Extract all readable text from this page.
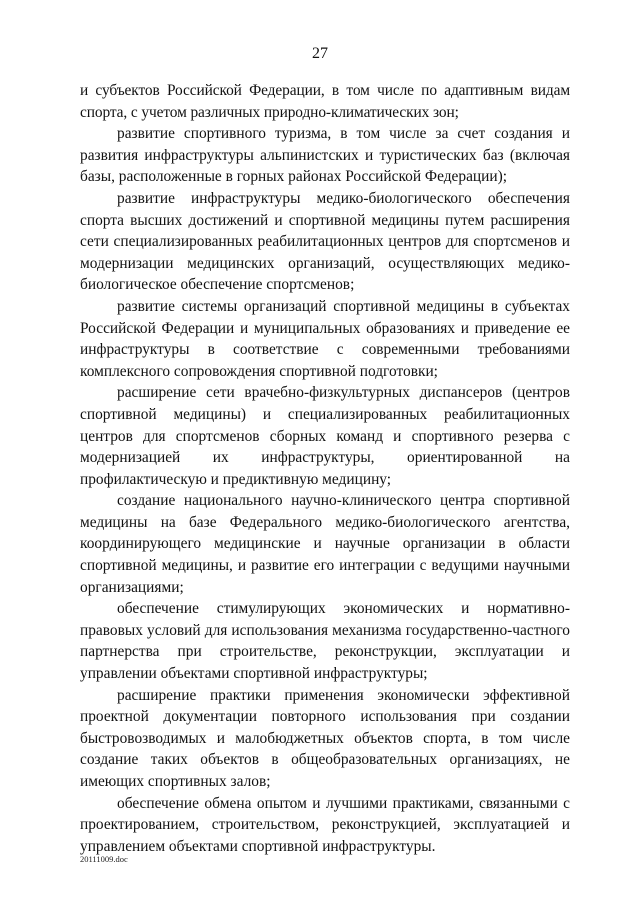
27

и субъектов Российской Федерации, в том числе по адаптивным видам спорта, с учетом различных природно-климатических зон;

развитие спортивного туризма, в том числе за счет создания и развития инфраструктуры альпинистских и туристических баз (включая базы, расположенные в горных районах Российской Федерации);

развитие инфраструктуры медико-биологического обеспечения спорта высших достижений и спортивной медицины путем расширения сети специализированных реабилитационных центров для спортсменов и модернизации медицинских организаций, осуществляющих медико-биологическое обеспечение спортсменов;

развитие системы организаций спортивной медицины в субъектах Российской Федерации и муниципальных образованиях и приведение ее инфраструктуры в соответствие с современными требованиями комплексного сопровождения спортивной подготовки;

расширение сети врачебно-физкультурных диспансеров (центров спортивной медицины) и специализированных реабилитационных центров для спортсменов сборных команд и спортивного резерва с модернизацией их инфраструктуры, ориентированной на профилактическую и предиктивную медицину;

создание национального научно-клинического центра спортивной медицины на базе Федерального медико-биологического агентства, координирующего медицинские и научные организации в области спортивной медицины, и развитие его интеграции с ведущими научными организациями;

обеспечение стимулирующих экономических и нормативно-правовых условий для использования механизма государственно-частного партнерства при строительстве, реконструкции, эксплуатации и управлении объектами спортивной инфраструктуры;

расширение практики применения экономически эффективной проектной документации повторного использования при создании быстровозводимых и малобюджетных объектов спорта, в том числе создание таких объектов в общеобразовательных организациях, не имеющих спортивных залов;

обеспечение обмена опытом и лучшими практиками, связанными с проектированием, строительством, реконструкцией, эксплуатацией и управлением объектами спортивной инфраструктуры.

20111009.doc
